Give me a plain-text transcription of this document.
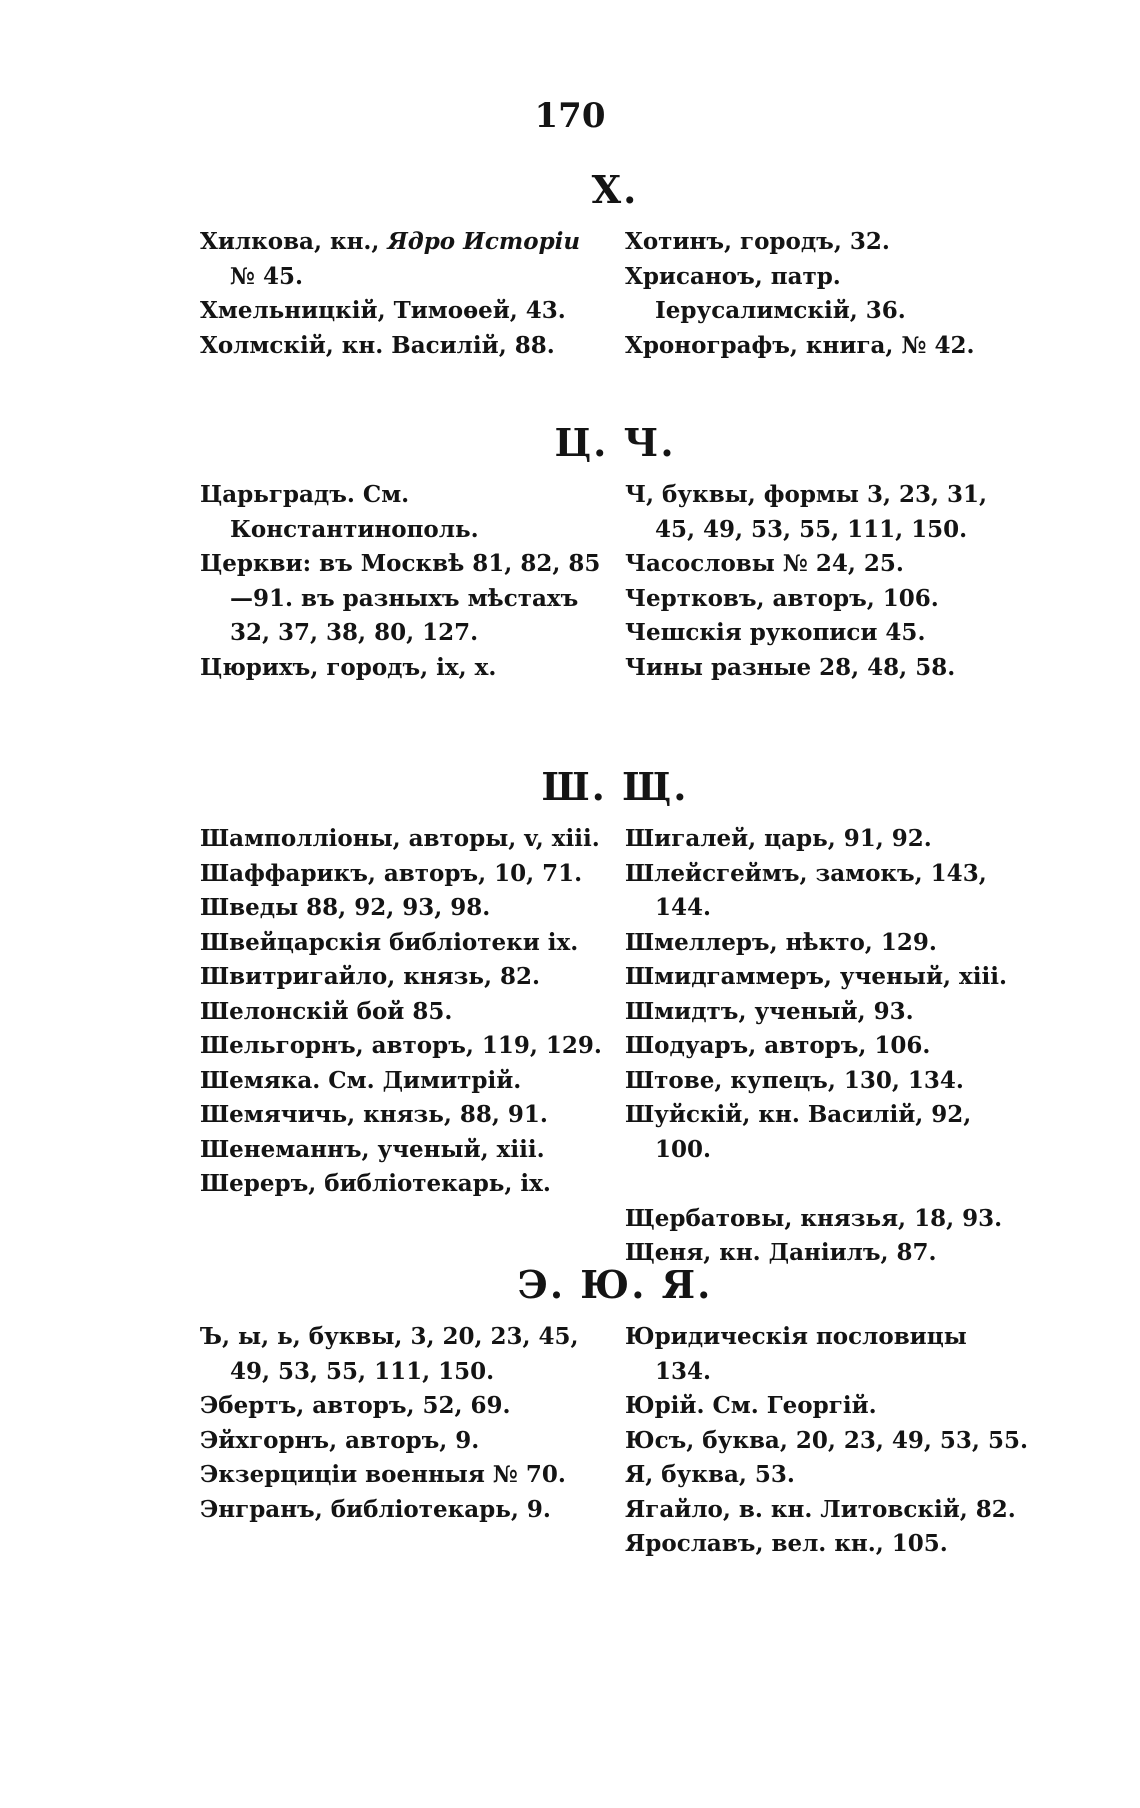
170
Х.
Хилкова, кн., Ядро Исторіи № 45.
Хмельницкій, Тимоѳей, 43.
Холмскій, кн. Василій, 88.
Хотинъ, городъ, 32.
Хрисаноъ, патр. Іерусалимскій, 36.
Хронографъ, книга, № 42.
Ц. Ч.
Царьградъ. См. Константинополь.
Церкви: въ Москвѣ 81, 82, 85—91. въ разныхъ мѣстахъ 32, 37, 38, 80, 127.
Цюрихъ, городъ, ix, x.
Ч, буквы, формы 3, 23, 31, 45, 49, 53, 55, 111, 150.
Часословы № 24, 25.
Чертковъ, авторъ, 106.
Чешскія рукописи 45.
Чины разные 28, 48, 58.
Ш. Щ.
Шамполліоны, авторы, v, xiii.
Шаффарикъ, авторъ, 10, 71.
Шведы 88, 92, 93, 98.
Швейцарскія библіотеки ix.
Швитригайло, князь, 82.
Шелонскій бой 85.
Шельгорнъ, авторъ, 119, 129.
Шемяка. См. Димитрій.
Шемячичь, князь, 88, 91.
Шенеманнъ, ученый, xiii.
Шереръ, библіотекарь, ix.
Шигалей, царь, 91, 92.
Шлейсгеймъ, замокъ, 143, 144.
Шмеллеръ, нѣкто, 129.
Шмидгаммеръ, ученый, xiii.
Шмидтъ, ученый, 93.
Шодуаръ, авторъ, 106.
Штове, купецъ, 130, 134.
Шуйскій, кн. Василій, 92, 100.
Щербатовы, князья, 18, 93.
Щеня, кн. Даніилъ, 87.
Э. Ю. Я.
Ъ, ы, ь, буквы, 3, 20, 23, 45, 49, 53, 55, 111, 150.
Эбертъ, авторъ, 52, 69.
Эйхгорнъ, авторъ, 9.
Экзерциціи военныя № 70.
Энгранъ, библіотекарь, 9.
Юридическія пословицы 134.
Юрій. См. Георгій.
Юсъ, буква, 20, 23, 49, 53, 55.
Я, буква, 53.
Ягайло, в. кн. Литовскій, 82.
Ярославъ, вел. кн., 105.
